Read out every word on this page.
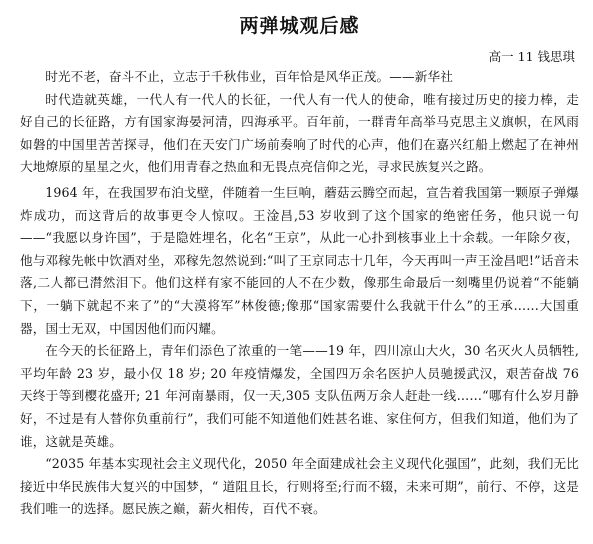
两弹城观后感
高一 11 钱思琪

时光不老，奋斗不止，立志于千秋伟业，百年恰是风华正茂。——新华社

时代造就英雄，一代人有一代人的长征，一代人有一代人的使命，唯有接过历史的接力棒，走好自己的长征路，方有国家海晏河清，四海承平。百年前，一群青年高举马克思主义旗帜，在风雨如磐的中国里苦苦探寻，他们在天安门广场前奏响了时代的心声，他们在嘉兴红船上燃起了在神州大地燎原的星星之火，他们用青春之热血和无畏点亮信仰之光，寻求民族复兴之路。

1964 年，在我国罗布泊戈壁，伴随着一生巨响，蘑菇云腾空而起，宣告着我国第一颗原子弹爆炸成功，而这背后的故事更令人惊叹。王淦昌,53 岁收到了这个国家的绝密任务，他只说一句——“我愿以身许国”，于是隐姓埋名，化名“王京”，从此一心扑到核事业上十余载。一年除夕夜，他与邓稼先帐中饮酒对坐，邓稼先忽然说到:“叫了王京同志十几年，今天再叫一声王淦昌吧!”话音未落,二人都已潸然泪下。他们这样有家不能回的人不在少数，像那生命最后一刻嘴里仍说着“不能躺下，一躺下就起不来了”的“大漠将军”林俊德;像那“国家需要什么我就干什么”的王承……大国重器，国士无双，中国因他们而闪耀。

在今天的长征路上，青年们添色了浓重的一笔——19 年，四川凉山大火，30 名灭火人员牺牲,平均年龄 23 岁，最小仅 18 岁; 20 年疫情爆发，全国四万余名医护人员驰援武汉，艰苦奋战 76 天终于等到樱花盛开; 21 年河南暴雨，仅一天,305 支队伍两万余人赶赴一线……“哪有什么岁月静好，不过是有人替你负重前行”，我们可能不知道他们姓甚名谁、家住何方，但我们知道，他们为了谁，这就是英雄。

“2035 年基本实现社会主义现代化，2050 年全面建成社会主义现代化强国”，此刻，我们无比接近中华民族伟大复兴的中国梦，“ 道阻且长，行则将至;行而不辍，未来可期”，前行、不停，这是我们唯一的选择。愿民族之巅，薪火相传，百代不衰。
